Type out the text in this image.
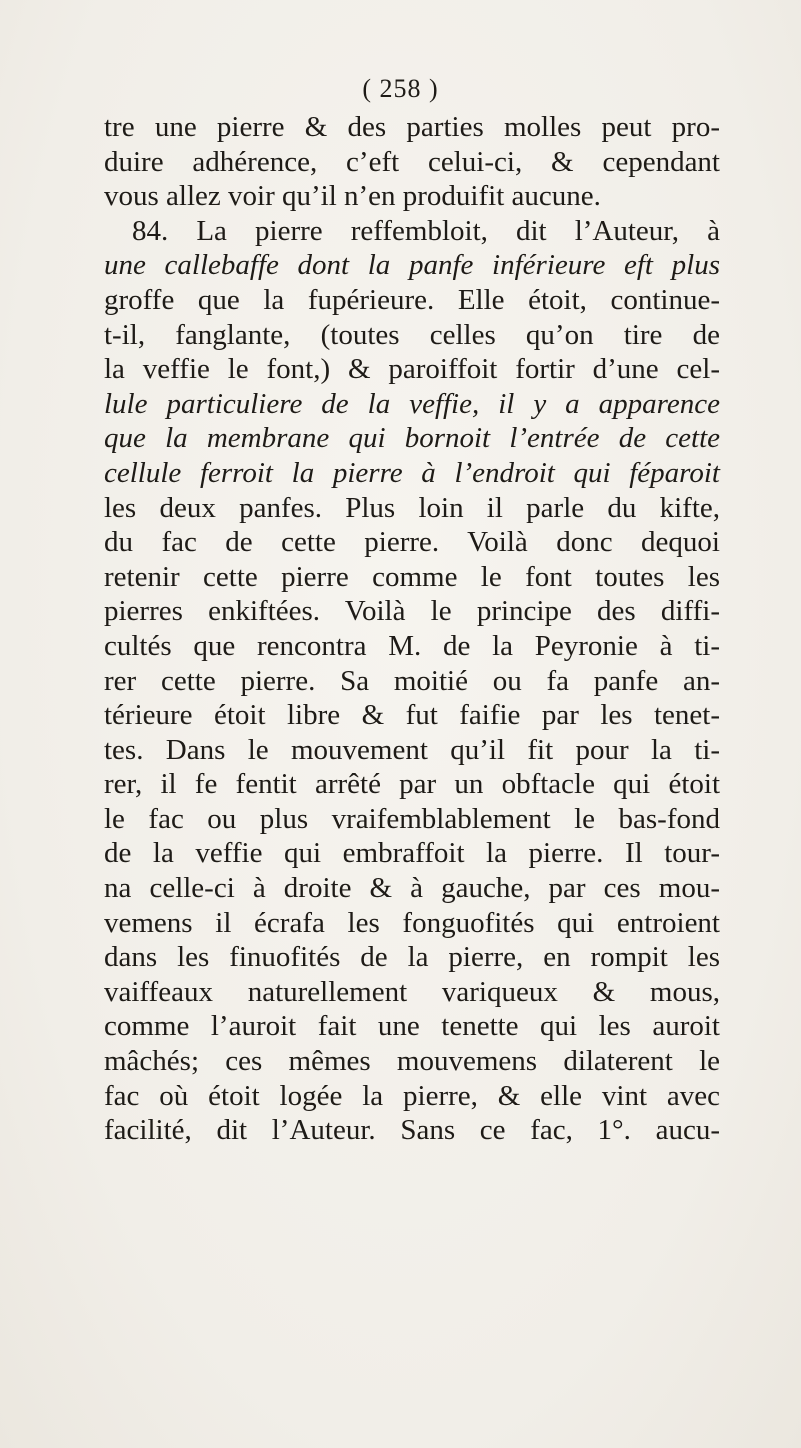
( 258 )
tre une pierre & des parties molles peut pro-
duire adhérence, c’eft celui-ci, & cependant
vous allez voir qu’il n’en produifit aucune.
84. La pierre reffembloit, dit l’Auteur, à
une callebaffe dont la panfe inférieure eft plus
groffe que la fupérieure. Elle étoit, continue-
t-il, fanglante, (toutes celles qu’on tire de
la veffie le font,) & paroiffoit fortir d’une cel-
lule particuliere de la veffie, il y a apparence
que la membrane qui bornoit l’entrée de cette
cellule ferroit la pierre à l’endroit qui féparoit
les deux panfes. Plus loin il parle du kifte,
du fac de cette pierre. Voilà donc dequoi
retenir cette pierre comme le font toutes les
pierres enkiftées. Voilà le principe des diffi-
cultés que rencontra M. de la Peyronie à ti-
rer cette pierre. Sa moitié ou fa panfe an-
térieure étoit libre & fut faifie par les tenet-
tes. Dans le mouvement qu’il fit pour la ti-
rer, il fe fentit arrêté par un obftacle qui étoit
le fac ou plus vraifemblablement le bas-fond
de la veffie qui embraffoit la pierre. Il tour-
na celle-ci à droite & à gauche, par ces mou-
vemens il écrafa les fonguofités qui entroient
dans les finuofités de la pierre, en rompit les
vaiffeaux naturellement variqueux & mous,
comme l’auroit fait une tenette qui les auroit
mâchés; ces mêmes mouvemens dilaterent le
fac où étoit logée la pierre, & elle vint avec
facilité, dit l’Auteur. Sans ce fac, 1°. aucu-
